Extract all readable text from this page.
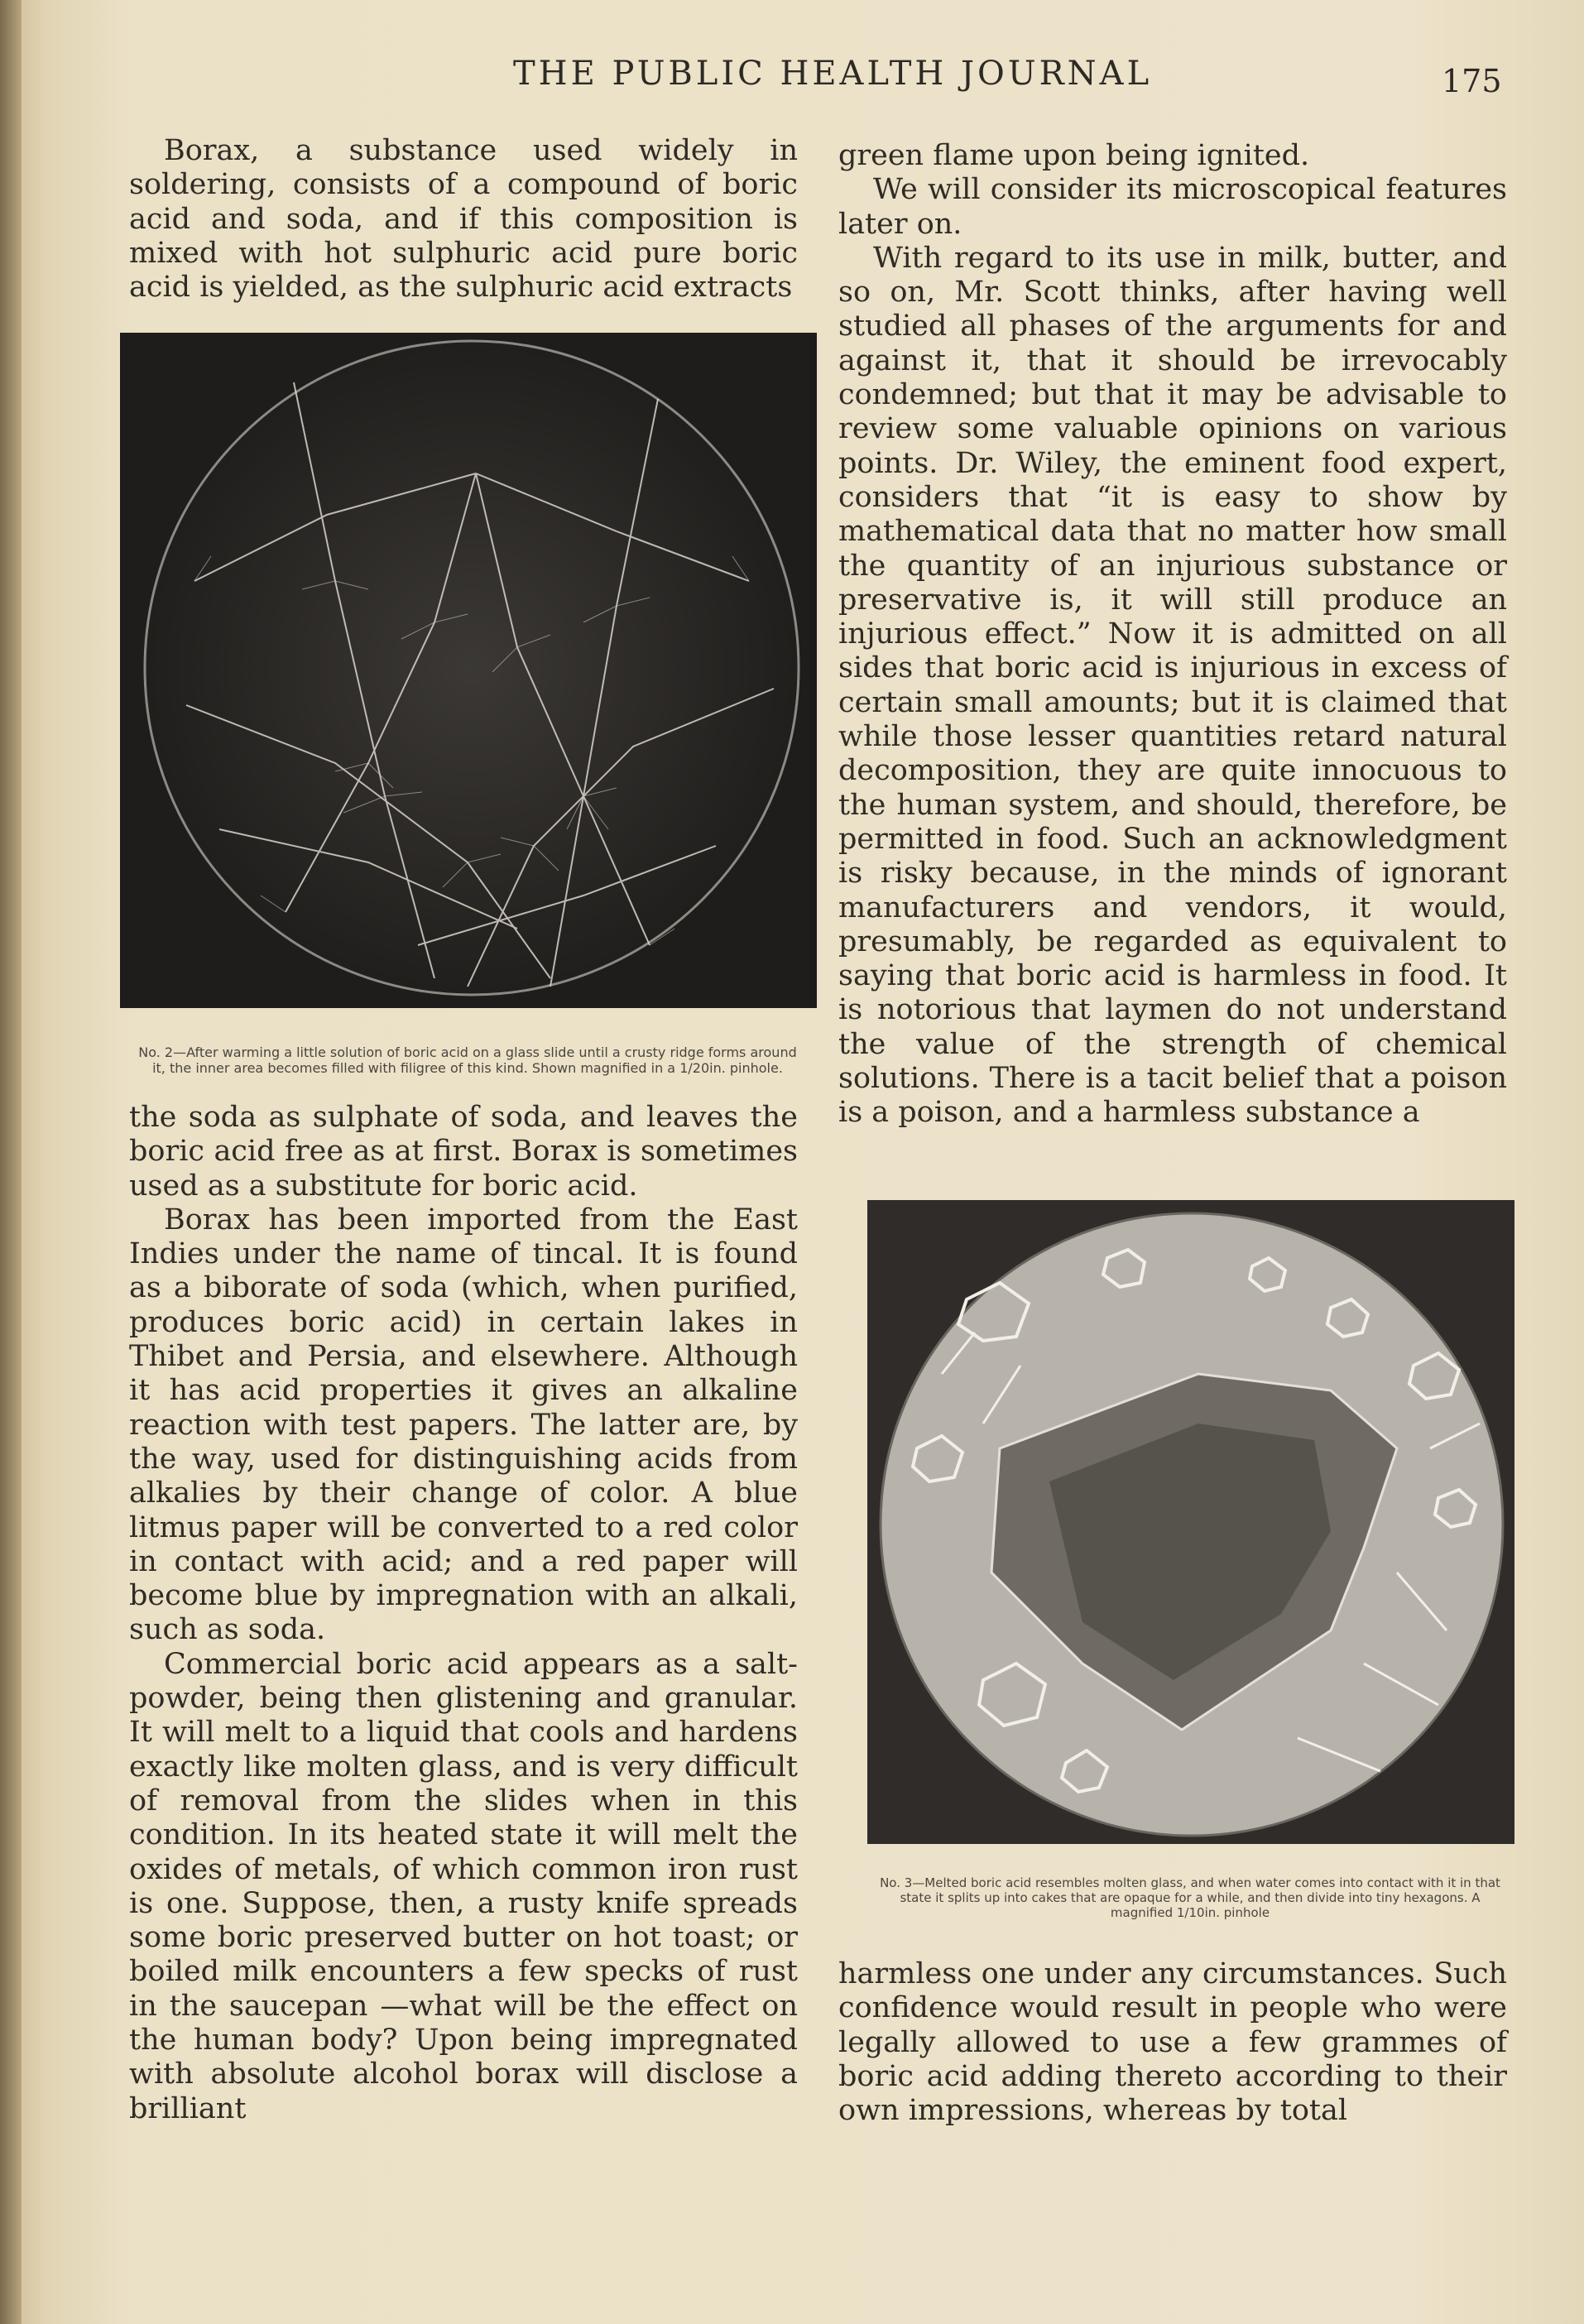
THE PUBLIC HEALTH JOURNAL	175

Borax, a substance used widely in soldering, consists of a compound of boric acid and soda, and if this composition is mixed with hot sulphuric acid pure boric acid is yielded, as the sulphuric acid extracts

No. 2—After warming a little solution of boric acid on a glass slide until a crusty ridge forms around it, the inner area becomes filled with filigree of this kind. Shown magnified in a 1/20in. pinhole.

the soda as sulphate of soda, and leaves the boric acid free as at first. Borax is sometimes used as a substitute for boric acid.

Borax has been imported from the East Indies under the name of tincal. It is found as a biborate of soda (which, when purified, produces boric acid) in certain lakes in Thibet and Persia, and elsewhere. Although it has acid properties it gives an alkaline reaction with test papers. The latter are, by the way, used for distinguishing acids from alkalies by their change of color. A blue litmus paper will be converted to a red color in contact with acid; and a red paper will become blue by impregnation with an alkali, such as soda.

Commercial boric acid appears as a salt-powder, being then glistening and granular. It will melt to a liquid that cools and hardens exactly like molten glass, and is very difficult of removal from the slides when in this condition. In its heated state it will melt the oxides of metals, of which common iron rust is one. Suppose, then, a rusty knife spreads some boric preserved butter on hot toast; or boiled milk encounters a few specks of rust in the saucepan —what will be the effect on the human body? Upon being impregnated with absolute alcohol borax will disclose a brilliant

green flame upon being ignited.

We will consider its microscopical features later on.

With regard to its use in milk, butter, and so on, Mr. Scott thinks, after having well studied all phases of the arguments for and against it, that it should be irrevocably condemned; but that it may be advisable to review some valuable opinions on various points. Dr. Wiley, the eminent food expert, considers that “it is easy to show by mathematical data that no matter how small the quantity of an injurious substance or preservative is, it will still produce an injurious effect.” Now it is admitted on all sides that boric acid is injurious in excess of certain small amounts; but it is claimed that while those lesser quantities retard natural decomposition, they are quite innocuous to the human system, and should, therefore, be permitted in food. Such an acknowledgment is risky because, in the minds of ignorant manufacturers and vendors, it would, presumably, be regarded as equivalent to saying that boric acid is harmless in food. It is notorious that laymen do not understand the value of the strength of chemical solutions. There is a tacit belief that a poison is a poison, and a harmless substance a

No. 3—Melted boric acid resembles molten glass, and when water comes into contact with it in that state it splits up into cakes that are opaque for a while, and then divide into tiny hexagons. A magnified 1/10in. pinhole

harmless one under any circumstances. Such confidence would result in people who were legally allowed to use a few grammes of boric acid adding thereto according to their own impressions, whereas by total
